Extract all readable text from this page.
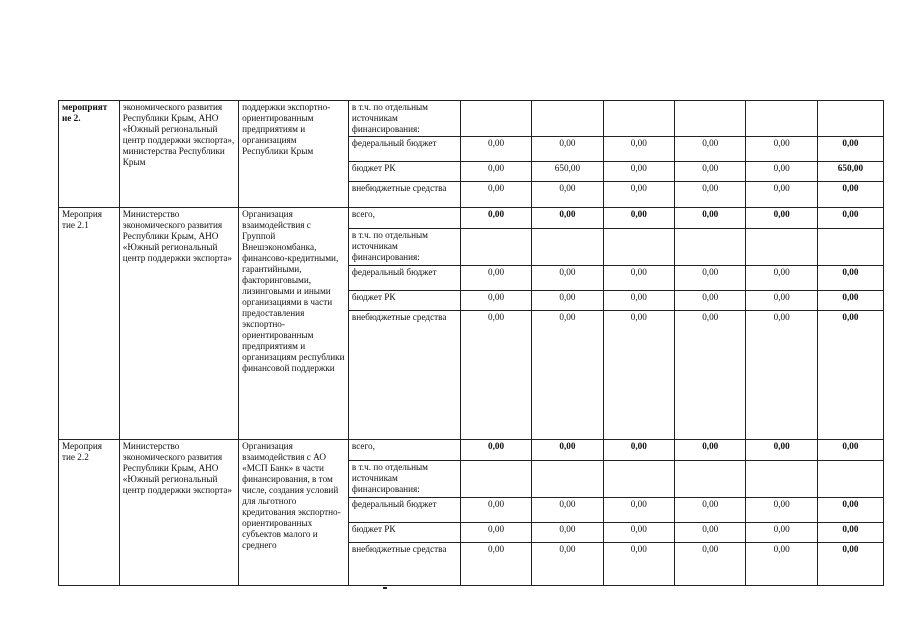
мероприят ие 2.	экономического развития Республики Крым, АНО «Южный региональный центр поддержки экспорта», министерства Республики Крым	поддержки экспортно-ориентированным предприятиям и организациям Республики Крым	в т.ч. по отдельным источникам финансирования:						
			федеральный бюджет	0,00	0,00	0,00	0,00	0,00	0,00
			бюджет РК	0,00	650,00	0,00	0,00	0,00	650,00
			внебюджетные средства	0,00	0,00	0,00	0,00	0,00	0,00
Мероприя тие 2.1	Министерство экономического развития Республики Крым, АНО «Южный региональный центр поддержки экспорта»	Организация взаимодействия с Группой Внешэкономбанка, финансово-кредитными, гарантийными, факторинговыми, лизинговыми и иными организациями в части предоставления экспортно-ориентированным предприятиям и организациям республики финансовой поддержки	всего,	0,00	0,00	0,00	0,00	0,00	0,00
			в т.ч. по отдельным источникам финансирования:						
			федеральный бюджет	0,00	0,00	0,00	0,00	0,00	0,00
			бюджет РК	0,00	0,00	0,00	0,00	0,00	0,00
			внебюджетные средства	0,00	0,00	0,00	0,00	0,00	0,00
Мероприя тие 2.2	Министерство экономического развития Республики Крым, АНО «Южный региональный центр поддержки экспорта»	Организация взаимодействия с АО «МСП Банк» в части финансирования, в том числе, создания условий для льготного кредитования экспортно-ориентированных субъектов малого и среднего	всего,	0,00	0,00	0,00	0,00	0,00	0,00
			в т.ч. по отдельным источникам финансирования:						
			федеральный бюджет	0,00	0,00	0,00	0,00	0,00	0,00
			бюджет РК	0,00	0,00	0,00	0,00	0,00	0,00
			внебюджетные средства	0,00	0,00	0,00	0,00	0,00	0,00
